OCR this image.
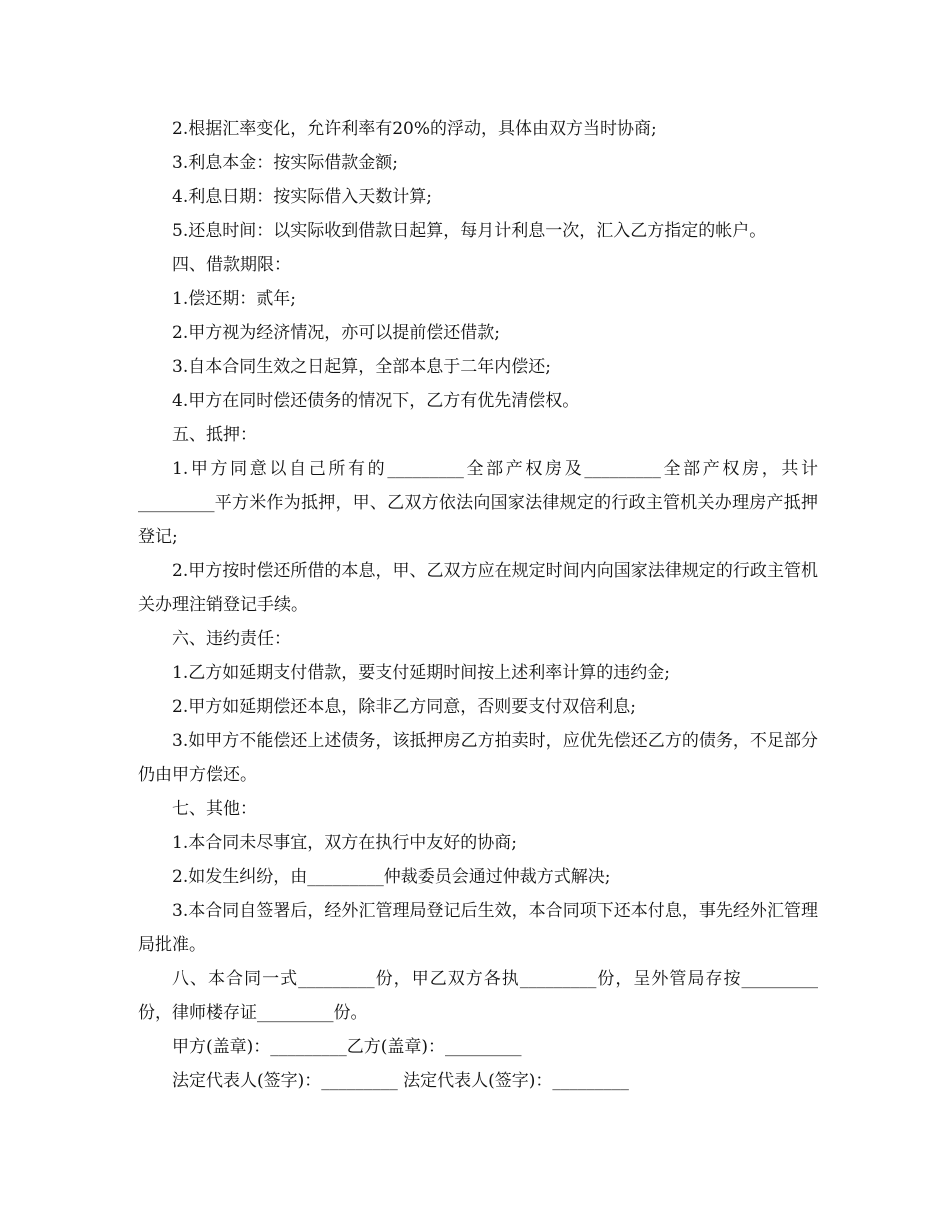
2.根据汇率变化，允许利率有20%的浮动，具体由双方当时协商;

3.利息本金：按实际借款金额;

4.利息日期：按实际借入天数计算;

5.还息时间：以实际收到借款日起算，每月计利息一次，汇入乙方指定的帐户。

四、借款期限：

1.偿还期：贰年;

2.甲方视为经济情况，亦可以提前偿还借款;

3.自本合同生效之日起算，全部本息于二年内偿还;

4.甲方在同时偿还债务的情况下，乙方有优先清偿权。

五、抵押：

1.甲方同意以自己所有的_________全部产权房及_________全部产权房，共计_________平方米作为抵押，甲、乙双方依法向国家法律规定的行政主管机关办理房产抵押登记;

2.甲方按时偿还所借的本息，甲、乙双方应在规定时间内向国家法律规定的行政主管机关办理注销登记手续。

六、违约责任：

1.乙方如延期支付借款，要支付延期时间按上述利率计算的违约金;

2.甲方如延期偿还本息，除非乙方同意，否则要支付双倍利息;

3.如甲方不能偿还上述债务，该抵押房乙方拍卖时，应优先偿还乙方的债务，不足部分仍由甲方偿还。

七、其他：

1.本合同未尽事宜，双方在执行中友好的协商;

2.如发生纠纷，由_________仲裁委员会通过仲裁方式解决;

3.本合同自签署后，经外汇管理局登记后生效，本合同项下还本付息，事先经外汇管理局批准。

八、本合同一式_________份，甲乙双方各执_________份，呈外管局存按_________份，律师楼存证_________份。

甲方(盖章)：_________乙方(盖章)：_________

法定代表人(签字)：_________ 法定代表人(签字)：_________
